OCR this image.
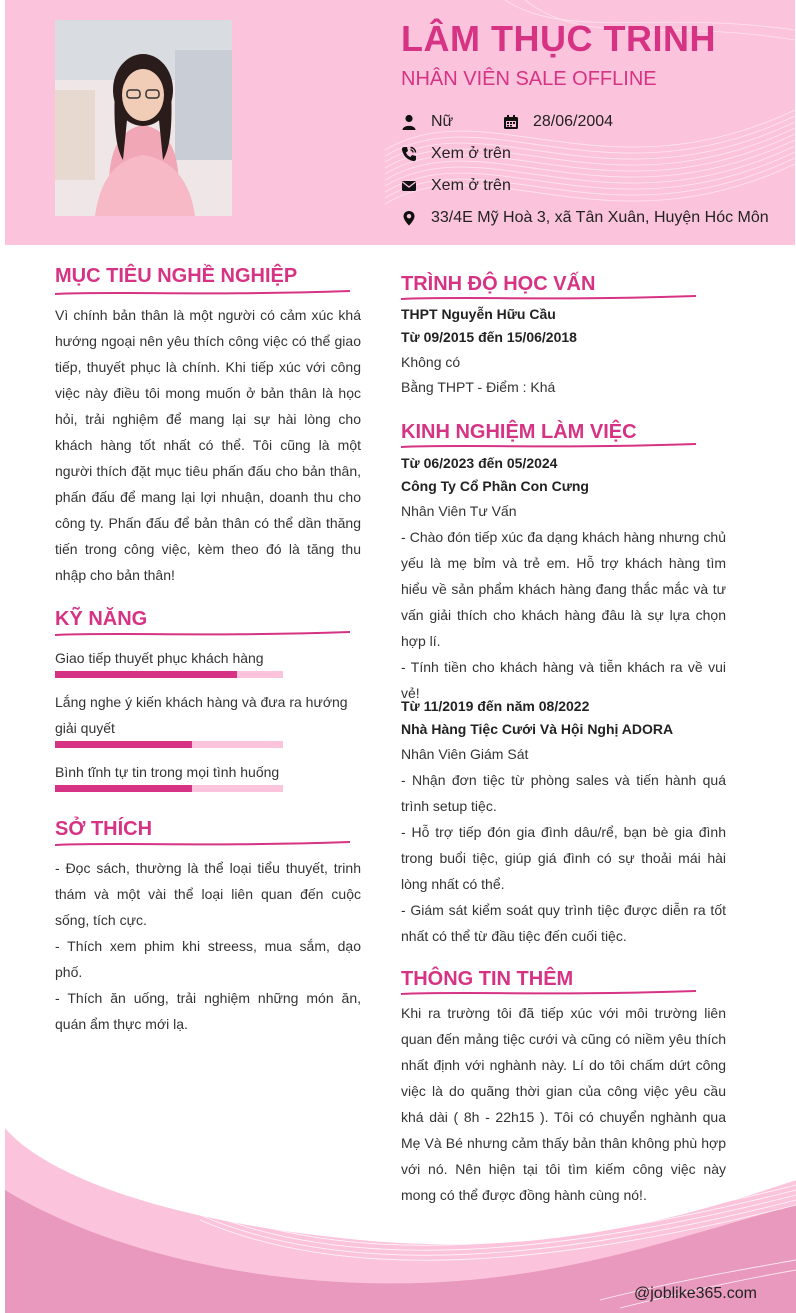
LÂM THỤC TRINH
NHÂN VIÊN SALE OFFLINE
Nữ	28/06/2004
Xem ở trên
Xem ở trên
33/4E Mỹ Hoà 3, xã Tân Xuân, Huyện Hóc Môn
MỤC TIÊU NGHỀ NGHIỆP
Vì chính bản thân là một người có cảm xúc khá hướng ngoại nên yêu thích công việc có thể giao tiếp, thuyết phục là chính. Khi tiếp xúc với công việc này điều tôi mong muốn ở bản thân là học hỏi, trải nghiệm để mang lại sự hài lòng cho khách hàng tốt nhất có thể. Tôi cũng là một người thích đặt mục tiêu phấn đấu cho bản thân, phấn đấu để mang lại lợi nhuận, doanh thu cho công ty. Phấn đấu để bản thân có thể dần thăng tiến trong công việc, kèm theo đó là tăng thu nhập cho bản thân!
KỸ NĂNG
Giao tiếp thuyết phục khách hàng
Lắng nghe ý kiến khách hàng và đưa ra hướng giải quyết
Bình tĩnh tự tin trong mọi tình huống
SỞ THÍCH

- Đọc sách, thường là thể loại tiểu thuyết, trinh thám và một vài thể loại liên quan đến cuộc sống, tích cực.

- Thích xem phim khi streess, mua sắm, dạo phố.

- Thích ăn uống, trải nghiệm những món ăn, quán ẩm thực mới lạ.

TRÌNH ĐỘ HỌC VẤN

THPT Nguyễn Hữu Cầu

Từ 09/2015 đến 15/06/2018

Không có

Bằng THPT - Điểm : Khá

KINH NGHIỆM LÀM VIỆC

Từ 06/2023 đến 05/2024

Công Ty Cổ Phần Con Cưng

Nhân Viên Tư Vấn

- Chào đón tiếp xúc đa dạng khách hàng nhưng chủ yếu là mẹ bỉm và trẻ em. Hỗ trợ khách hàng tìm hiểu về sản phẩm khách hàng đang thắc mắc và tư vấn giải thích cho khách hàng đâu là sự lựa chọn hợp lí.

- Tính tiền cho khách hàng và tiễn khách ra về vui vẻ!

Từ 11/2019 đến năm 08/2022

Nhà Hàng Tiệc Cưới Và Hội Nghị ADORA

Nhân Viên Giám Sát

- Nhận đơn tiệc từ phòng sales và tiến hành quá trình setup tiệc.

- Hỗ trợ tiếp đón gia đình dâu/rể, bạn bè gia đình trong buổi tiệc, giúp giá đình có sự thoải mái hài lòng nhất có thể.

- Giám sát kiểm soát quy trình tiệc được diễn ra tốt nhất có thể từ đầu tiệc đến cuối tiệc.

THÔNG TIN THÊM
Khi ra trường tôi đã tiếp xúc với môi trường liên quan đến mảng tiệc cưới và cũng có niềm yêu thích nhất định với nghành này. Lí do tôi chấm dứt công việc là do quãng thời gian của công việc yêu cầu khá dài ( 8h - 22h15 ). Tôi có chuyển nghành qua Mẹ Và Bé nhưng cảm thấy bản thân không phù hợp với nó. Nên hiện tại tôi tìm kiếm công việc này mong có thể được đồng hành cùng nó!.
@joblike365.com
